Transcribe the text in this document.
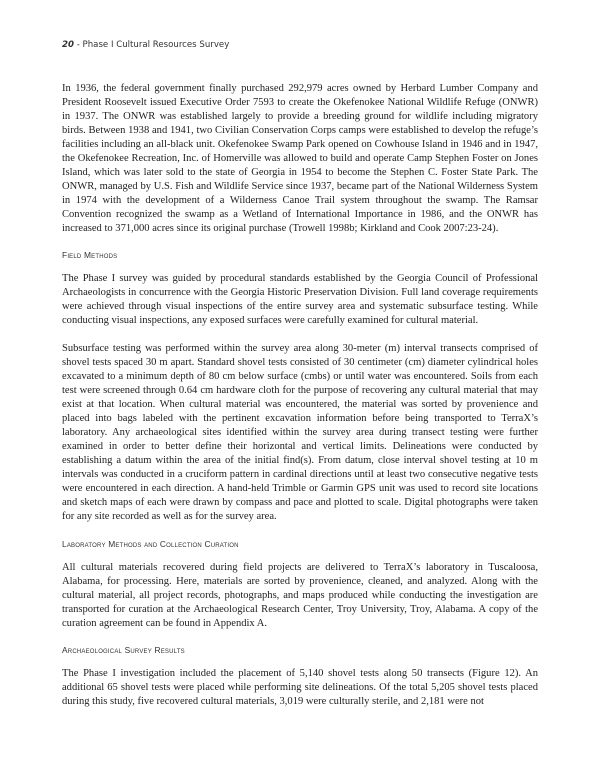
20 - Phase I Cultural Resources Survey

In 1936, the federal government finally purchased 292,979 acres owned by Herbard Lumber Company and President Roosevelt issued Executive Order 7593 to create the Okefenokee National Wildlife Refuge (ONWR) in 1937. The ONWR was established largely to provide a breeding ground for wildlife including migratory birds. Between 1938 and 1941, two Civilian Conservation Corps camps were established to develop the refuge’s facilities including an all-black unit. Okefenokee Swamp Park opened on Cowhouse Island in 1946 and in 1947, the Okefenokee Recreation, Inc. of Homerville was allowed to build and operate Camp Stephen Foster on Jones Island, which was later sold to the state of Georgia in 1954 to become the Stephen C. Foster State Park. The ONWR, managed by U.S. Fish and Wildlife Service since 1937, became part of the National Wilderness System in 1974 with the development of a Wilderness Canoe Trail system throughout the swamp. The Ramsar Convention recognized the swamp as a Wetland of International Importance in 1986, and the ONWR has increased to 371,000 acres since its original purchase (Trowell 1998b; Kirkland and Cook 2007:23-24).

Field Methods

The Phase I survey was guided by procedural standards established by the Georgia Council of Professional Archaeologists in concurrence with the Georgia Historic Preservation Division. Full land coverage requirements were achieved through visual inspections of the entire survey area and systematic subsurface testing. While conducting visual inspections, any exposed surfaces were carefully examined for cultural material.

Subsurface testing was performed within the survey area along 30-meter (m) interval transects comprised of shovel tests spaced 30 m apart. Standard shovel tests consisted of 30 centimeter (cm) diameter cylindrical holes excavated to a minimum depth of 80 cm below surface (cmbs) or until water was encountered. Soils from each test were screened through 0.64 cm hardware cloth for the purpose of recovering any cultural material that may exist at that location. When cultural material was encountered, the material was sorted by provenience and placed into bags labeled with the pertinent excavation information before being transported to TerraX’s laboratory. Any archaeological sites identified within the survey area during transect testing were further examined in order to better define their horizontal and vertical limits. Delineations were conducted by establishing a datum within the area of the initial find(s). From datum, close interval shovel testing at 10 m intervals was conducted in a cruciform pattern in cardinal directions until at least two consecutive negative tests were encountered in each direction. A hand-held Trimble or Garmin GPS unit was used to record site locations and sketch maps of each were drawn by compass and pace and plotted to scale. Digital photographs were taken for any site recorded as well as for the survey area.

Laboratory Methods and Collection Curation

All cultural materials recovered during field projects are delivered to TerraX’s laboratory in Tuscaloosa, Alabama, for processing. Here, materials are sorted by provenience, cleaned, and analyzed. Along with the cultural material, all project records, photographs, and maps produced while conducting the investigation are transported for curation at the Archaeological Research Center, Troy University, Troy, Alabama. A copy of the curation agreement can be found in Appendix A.

Archaeological Survey Results

The Phase I investigation included the placement of 5,140 shovel tests along 50 transects (Figure 12). An additional 65 shovel tests were placed while performing site delineations. Of the total 5,205 shovel tests placed during this study, five recovered cultural materials, 3,019 were culturally sterile, and 2,181 were not
